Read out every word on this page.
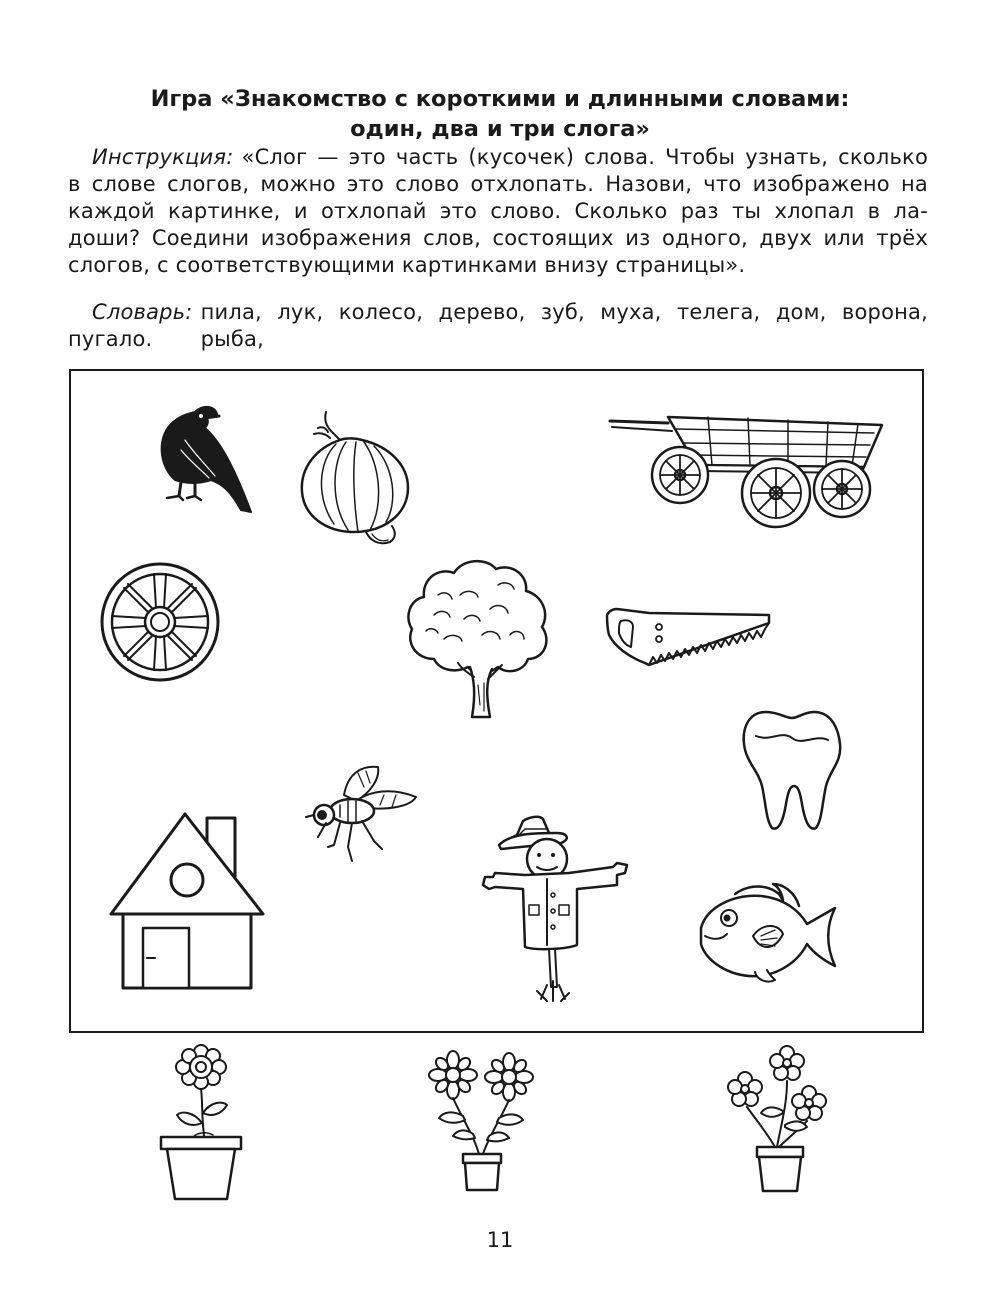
Игра «Знакомство с короткими и длинными словами:
один, два и три слога»
Инструкция: «Слог — это часть (кусочек) слова. Чтобы узнать, сколько
в слове слогов, можно это слово отхлопать. Назови, что изображено на
каждой картинке, и отхлопай это слово. Сколько раз ты хлопал в ла-
доши? Соедини изображения слов, состоящих из одного, двух или трёх
слогов, с соответствующими картинками внизу страницы».
Словарь: пила, лук, колесо, дерево, зуб, муха, телега, дом, ворона, рыба,
пугало.
11
